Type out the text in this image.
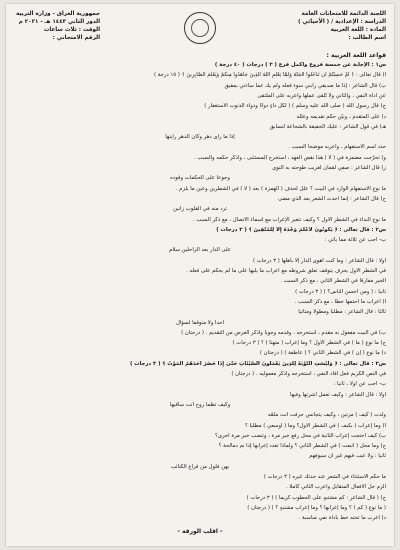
اللجنة الدائمة للامتحانات العامة
الدراسة : الإعدادية / ( الأحيائي )
المادة : اللغة العربية
اسم الطالب :
جمهورية العراق - وزارة التربية
الدور الثاني ١٤٤٣ هـ - ٢٠٢١ م
الوقت : ثلاث ساعات
الرقم الامتحاني :
قواعد اللغة العربية :
س١ : الإجابة عن خمسة فروع وأكمل فرع ( ٣ ) درجات ( ٤٠ درجة )
أ) قال تعالى : ﴿ أَمْ حَسِبْتُمْ أَن تَدْخُلُوا الْجَنَّةَ وَلَمَّا يَعْلَمِ اللَّهُ الَّذِينَ جَاهَدُوا مِنكُمْ وَيَعْلَمَ الصَّابِرِينَ ﴾ ( ١٥ درجة )
ب) قال الشاعر : إذا ما صديقي رابني سوء فعله ولم يك عما ساءني بمفيق
عن أداة النفي ، والثاني ولا تُلقى عملها وأعربه على الملتقى
ج) قال رسول الله ( صلى الله عليه وسلم ) ( لكل داءٍ دواءٌ ودواء الذنوب الاستغفار )
د) على المتقدم ، وبيّن حكم تقديمه وعلّله
هـ) في قول الشاعر : عليك الحقيقة بالشجاعة لتسابق
إذا ما رأى دهر وكان الدهر رايتها
حدد اسم الاستفهام ، واعربه موضحاً السبب .
و) تحرّجت مضمرة في ( لا ) هذا نقض العهد ، استخرج المستثنى ، واذكر حكمه والسبب .
ز) قال الشاعر : صفي لقمان لغريب طوحته به النوى
وجوعاً على الحكمات وقوده
ما نوع الاستفهام الوارد في البيت ؟ علل لحذف ( الهمزة ) بعد ( لا ) في الشطرين وعين ما يلزم .
ح) قال الشاعر : إنما أحدث الشعر بعد الذي مضى
ترد منه في القلوب زانين
ما نوع النداء في الشطر الأول ؟ وكيف تتغير الإعراب مع أسماء الاتصال ، مع ذكر السبب .
س٢ : قال تعالى : ﴿ يَكُونُونَ لَأَعْلَمَ وَحْدَهُ إِلَّا لِلْمُتَّقِينَ ﴾ ( ٣ درجات )
ب- أجب عن ثلاثة مما يأتي :
على الدار بعد الراحلين سلام
أولاً : قال الشاعر : وما كنت أهوى الدار إلا بأهلها ( ٣ درجات )
في الشطر الأول يحرف يتوقف تعلق شروطه مع اعراب ما يليها على ما لم يحكم على فعله .
الخير مفارقاً في الشطر الثاني ، مع ذكر السبب .
ثانياً : ( ومن أحسن الناس؟ ) ( ٣ درجات )
أ) اعراب ما احتمها خطأ ، مع ذكر السبب .
ثالثاً : قال الشاعر : مطلباً ومطولاً ومتأتياً
أحداً ولا متوقفاً لسؤال
ب) في البيت مفعول به مقدم ، استخرجه ، وقدمه وجوباً وأذكر الغرض من التقديم . ( درجتان )
ج) ما نوع ( ما ) في الشطر الأول ؟ وما إعراب ( متهتاً ) ؟ ( ٣ درجات )
د) ما نوع ( إن ) في الشطر الثاني ؟ ( عاطفة ) ( درجتان )
س٣ : قال تعالى : ﴿ وَلَيْسَتِ التَّوْبَةُ لِلَّذِينَ يَعْمَلُونَ السَّيِّئَاتِ حَتَّىٰ إِذَا حَضَرَ أَحَدَهُمُ الْمَوْتُ ﴾ ( ٣ درجات )
في النص الكريم فعل أفاد النفي ، استخرجه واذكر معموليه . ( درجتان )
ب- أجب عن أولاً ، ثانياً :
أولاً : قال الشاعر : وكيف تعمل أشرتها وفيها
وكيف تظمأ روح أنت ساقيها
ولدت ( كيف ) مرتين ، وكيف يتجانس حرفت أنت ملمّه
أ) وما إعراب ( بكيف ) في الشطر الأول؟ وما ( أوسعي ) مطلباً ؟
ب) كيف احتجت إعراب الثانية في محل رفع خبر مرة ، وتنصب خبر مرة أخرى؟
ج) وما محل ( اتبعت ) في الشطر الثاني ؟ ولماذا تعدد إعرابها إذا تم دمالحة ؟
ثانياً : ولا عيب فيهم غير أن سيوفهم
بهن فلول من قراع الكتائب
ما حكم الاستثناء في الشعر عند حدثك غيره ( ٣ درجات )
الزم حل الأفعال المتقابل وأعرب الثاني كاملاً .
ج) ( قال الشاعر : كم مشتبهٍ على الحطوب كريما ) ( ٣ درجات )
( ما نوع ( كم ) ؟ وما إعرابها ؟ وما إعراب مشتبهٍ ؟ ) ( درجتان )
د) اعرب ما تحته خط بأداة نفي مناسبة .
- اقلب الورقة -
